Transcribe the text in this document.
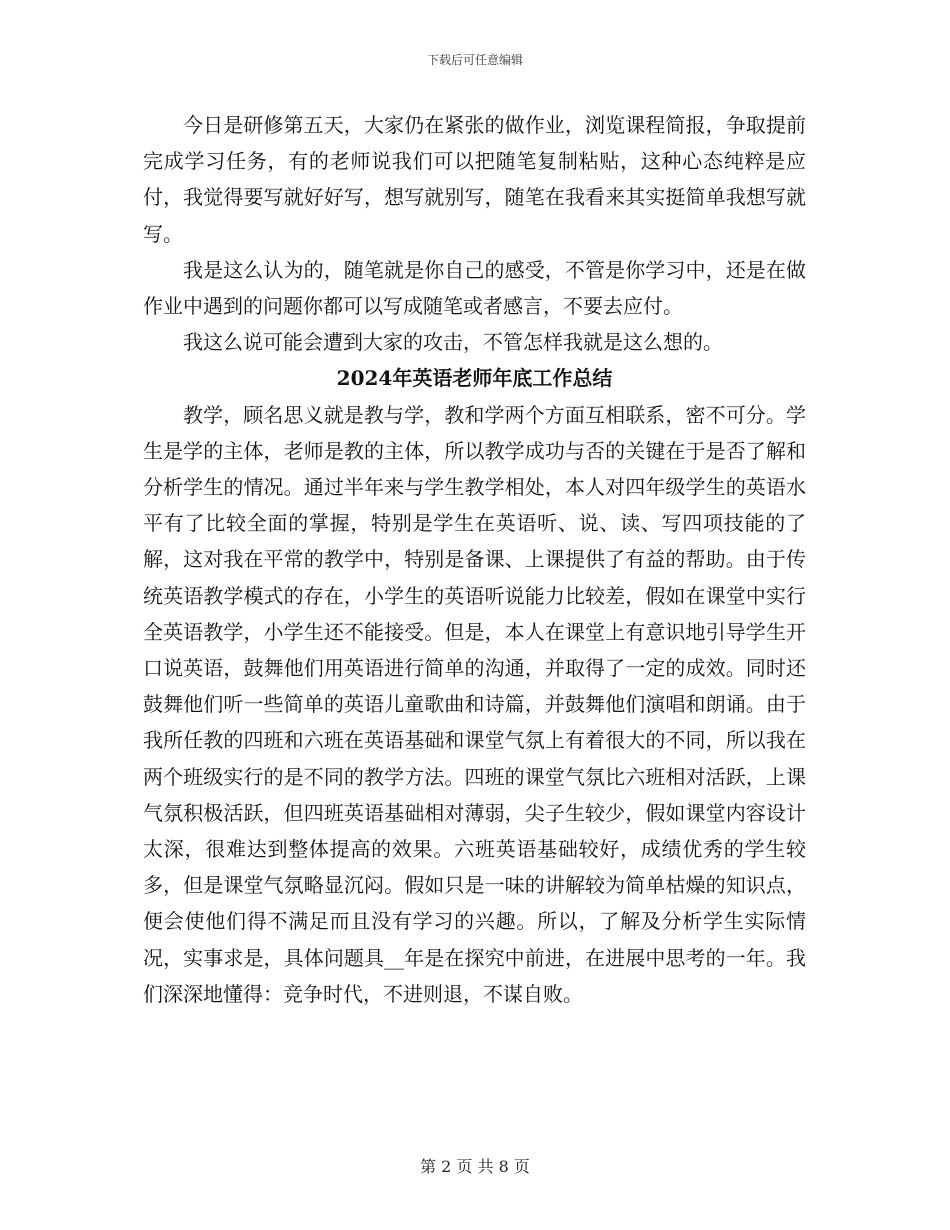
下载后可任意编辑

今日是研修第五天，大家仍在紧张的做作业，浏览课程简报，争取提前完成学习任务，有的老师说我们可以把随笔复制粘贴，这种心态纯粹是应付，我觉得要写就好好写，想写就别写，随笔在我看来其实挺简单我想写就写。

我是这么认为的，随笔就是你自己的感受，不管是你学习中，还是在做作业中遇到的问题你都可以写成随笔或者感言，不要去应付。

我这么说可能会遭到大家的攻击，不管怎样我就是这么想的。

2024年英语老师年底工作总结

教学，顾名思义就是教与学，教和学两个方面互相联系，密不可分。学生是学的主体，老师是教的主体，所以教学成功与否的关键在于是否了解和分析学生的情况。通过半年来与学生教学相处，本人对四年级学生的英语水平有了比较全面的掌握，特别是学生在英语听、说、读、写四项技能的了解，这对我在平常的教学中，特别是备课、上课提供了有益的帮助。由于传统英语教学模式的存在，小学生的英语听说能力比较差，假如在课堂中实行全英语教学，小学生还不能接受。但是，本人在课堂上有意识地引导学生开口说英语，鼓舞他们用英语进行简单的沟通，并取得了一定的成效。同时还鼓舞他们听一些简单的英语儿童歌曲和诗篇，并鼓舞他们演唱和朗诵。由于我所任教的四班和六班在英语基础和课堂气氛上有着很大的不同，所以我在两个班级实行的是不同的教学方法。四班的课堂气氛比六班相对活跃，上课气氛积极活跃，但四班英语基础相对薄弱，尖子生较少，假如课堂内容设计太深，很难达到整体提高的效果。六班英语基础较好，成绩优秀的学生较多，但是课堂气氛略显沉闷。假如只是一味的讲解较为简单枯燥的知识点，便会使他们得不满足而且没有学习的兴趣。所以，了解及分析学生实际情况，实事求是，具体问题具__年是在探究中前进，在进展中思考的一年。我们深深地懂得：竞争时代，不进则退，不谋自败。

第 2 页 共 8 页
